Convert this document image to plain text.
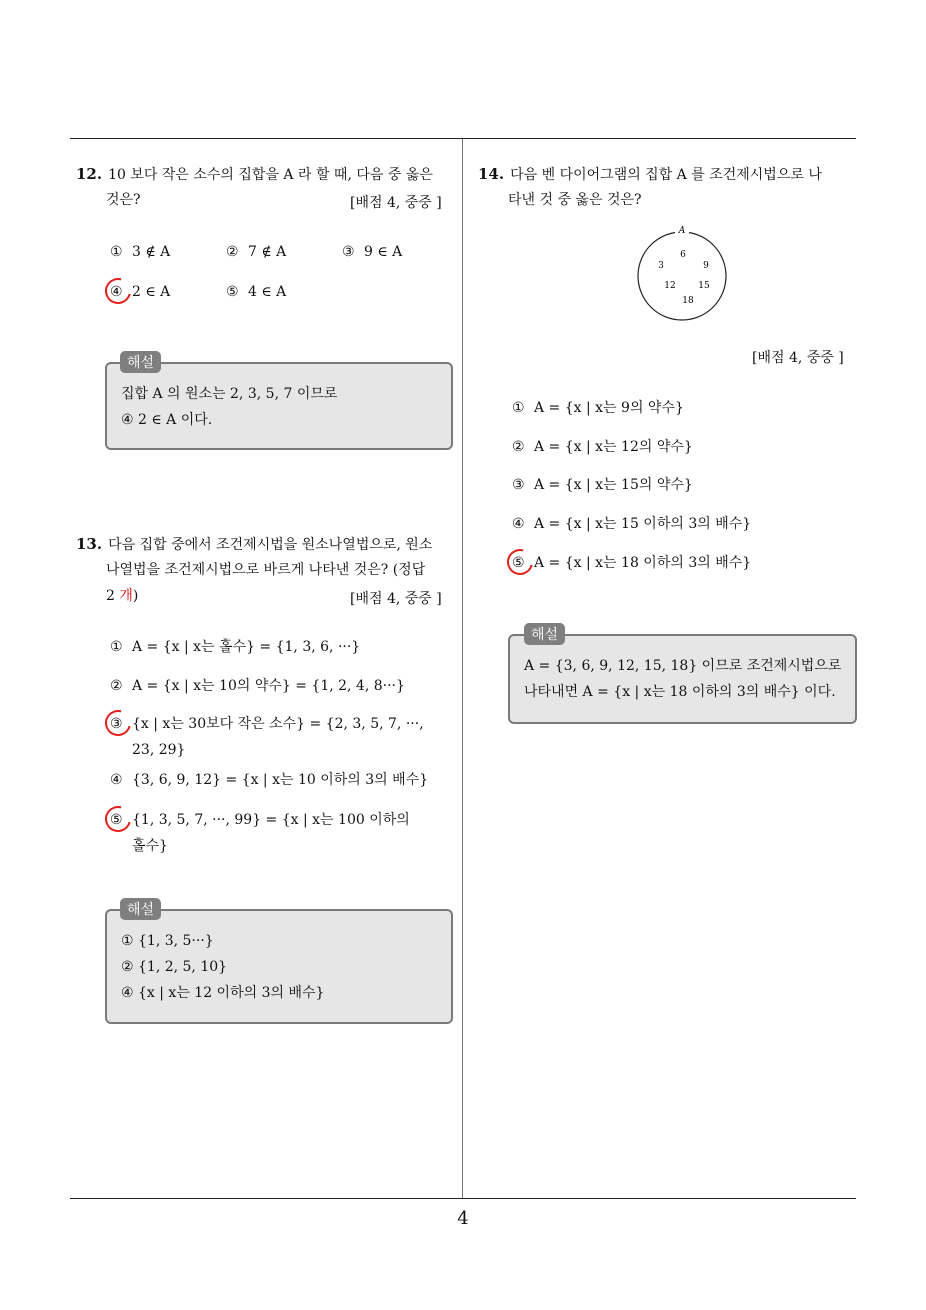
4
12. 10 보다 작은 소수의 집합을 A 라 할 때, 다음 중 옳은
것은?	[배점 4, 중중 ]
① 3 ∉ A	② 7 ∉ A	③ 9 ∈ A
④ 2 ∈ A	⑤ 4 ∈ A
집합 A 의 원소는 2, 3, 5, 7 이므로
④ 2 ∈ A 이다.
해설
13. 다음 집합 중에서 조건제시법을 원소나열법으로, 원소
나열법을 조건제시법으로 바르게 나타낸 것은? (정답
2 개)	[배점 4, 중중 ]
① A = {x | x는 홀수} = {1, 3, 6, ···}
② A = {x | x는 10의 약수} = {1, 2, 4, 8···}
③ {x | x는 30보다 작은 소수} = {2, 3, 5, 7, ···,
23, 29}
④ {3, 6, 9, 12} = {x | x는 10 이하의 3의 배수}
⑤ {1, 3, 5, 7, ···, 99} = {x | x는 100 이하의
홀수}
① {1, 3, 5···}
② {1, 2, 5, 10}
④ {x | x는 12 이하의 3의 배수}
해설
14. 다음 벤 다이어그램의 집합 A 를 조건제시법으로 나
타낸 것 중 옳은 것은?
A
6
3	9
12	15
18
[배점 4, 중중 ]
① A = {x | x는 9의 약수}
② A = {x | x는 12의 약수}
③ A = {x | x는 15의 약수}
④ A = {x | x는 15 이하의 3의 배수}
⑤ A = {x | x는 18 이하의 3의 배수}
A = {3, 6, 9, 12, 15, 18} 이므로 조건제시법으로
나타내면 A = {x | x는 18 이하의 3의 배수} 이다.
해설
